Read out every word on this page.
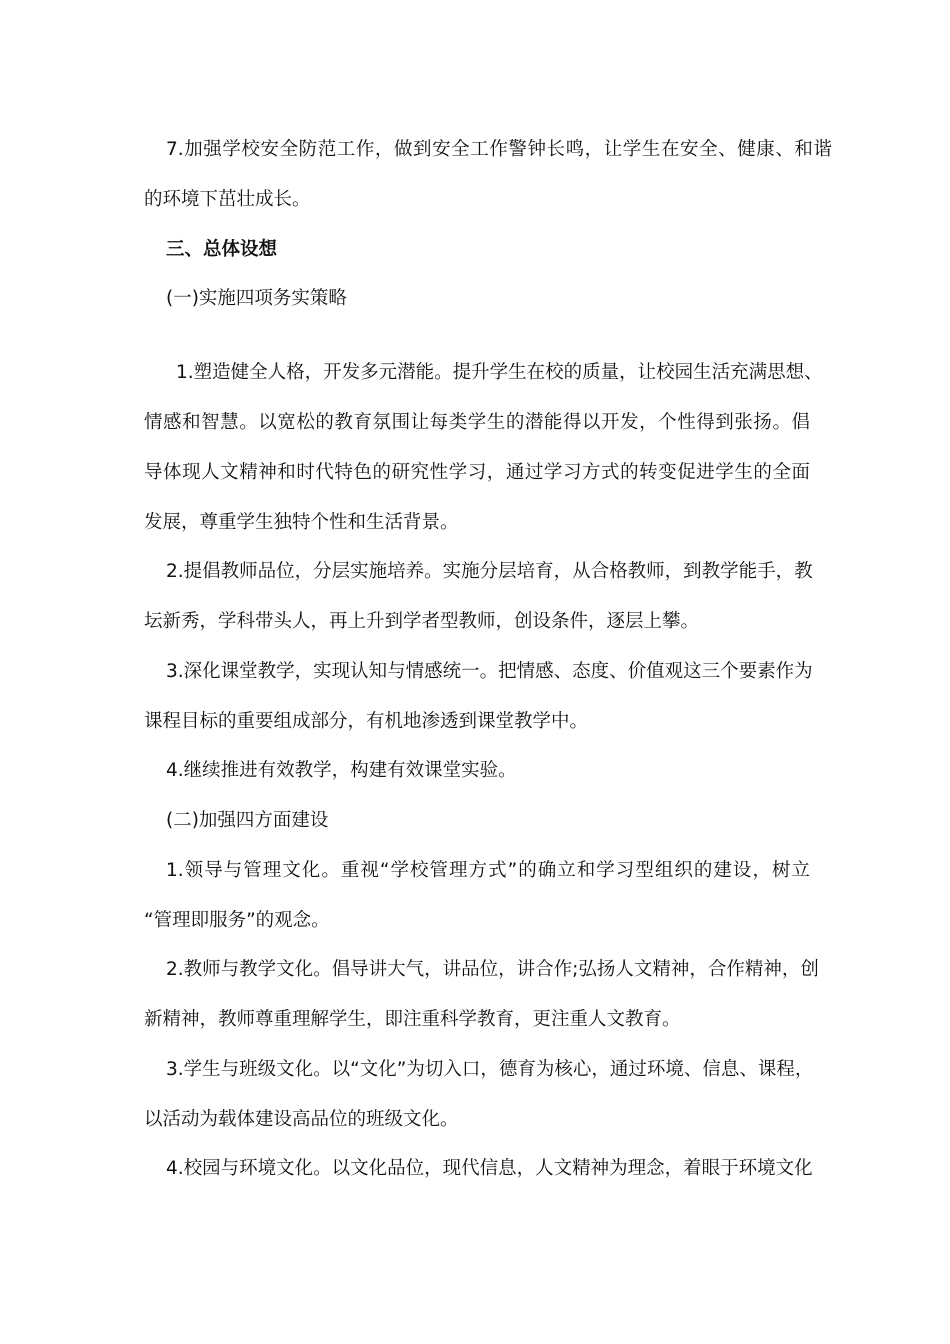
7.加强学校安全防范工作，做到安全工作警钟长鸣，让学生在安全、健康、和谐
的环境下茁壮成长。
三、总体设想
(一)实施四项务实策略
1.塑造健全人格，开发多元潜能。提升学生在校的质量，让校园生活充满思想、
情感和智慧。以宽松的教育氛围让每类学生的潜能得以开发，个性得到张扬。倡
导体现人文精神和时代特色的研究性学习，通过学习方式的转变促进学生的全面
发展，尊重学生独特个性和生活背景。
2.提倡教师品位，分层实施培养。实施分层培育，从合格教师，到教学能手，教
坛新秀，学科带头人，再上升到学者型教师，创设条件，逐层上攀。
3.深化课堂教学，实现认知与情感统一。把情感、态度、价值观这三个要素作为
课程目标的重要组成部分，有机地渗透到课堂教学中。
4.继续推进有效教学，构建有效课堂实验。
(二)加强四方面建设
1.领导与管理文化。重视“学校管理方式”的确立和学习型组织的建设，树立
“管理即服务”的观念。
2.教师与教学文化。倡导讲大气，讲品位，讲合作;弘扬人文精神，合作精神，创
新精神，教师尊重理解学生，即注重科学教育，更注重人文教育。
3.学生与班级文化。以“文化”为切入口，德育为核心，通过环境、信息、课程，
以活动为载体建设高品位的班级文化。
4.校园与环境文化。以文化品位，现代信息，人文精神为理念，着眼于环境文化
